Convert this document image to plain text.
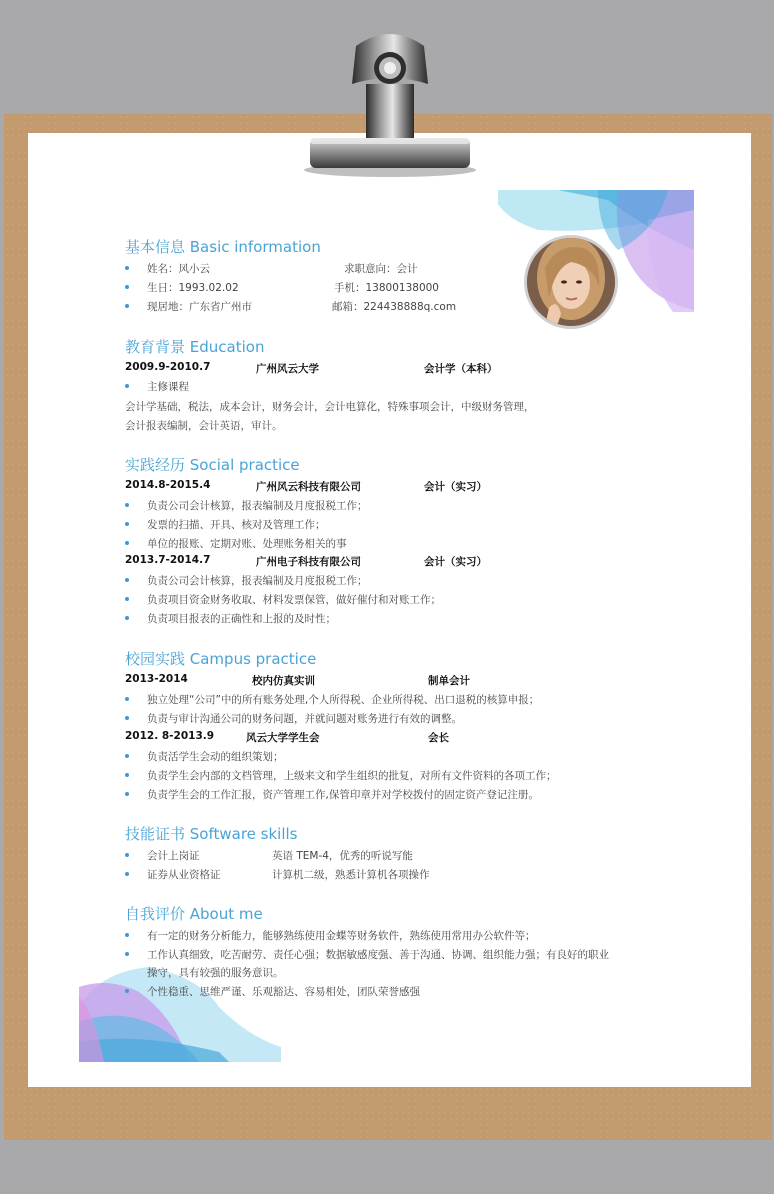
基本信息 Basic information
姓名：风小云	求职意向：会计
生日：1993.02.02	手机：13800138000
现居地：广东省广州市	邮箱：224438888q.com
教育背景 Education
2009.9-2010.7	广州风云大学	会计学（本科）
主修课程
会计学基础，税法，成本会计，财务会计，会计电算化，特殊事项会计，中级财务管理，
会计报表编制，会计英语，审计。
实践经历 Social practice
2014.8-2015.4	广州风云科技有限公司	会计（实习）
负责公司会计核算，报表编制及月度报税工作；
发票的扫描、开具、核对及管理工作；
单位的报账、定期对账、处理账务相关的事
2013.7-2014.7	广州电子科技有限公司	会计（实习）
负责公司会计核算，报表编制及月度报税工作；
负责项目资金财务收取、材料发票保管，做好催付和对账工作；
负责项目报表的正确性和上报的及时性；
校园实践 Campus practice
2013-2014	校内仿真实训	制单会计
独立处理“公司”中的所有账务处理,个人所得税、企业所得税、出口退税的核算申报；
负责与审计沟通公司的财务问题，并就问题对账务进行有效的调整。
2012. 8-2013.9	风云大学学生会	会长
负责活学生会动的组织策划；
负责学生会内部的文档管理，上级来文和学生组织的批复，对所有文件资料的各项工作；
负责学生会的工作汇报，资产管理工作,保管印章并对学校拨付的固定资产登记注册。
技能证书 Software skills
会计上岗证	英语 TEM-4，优秀的听说写能
证券从业资格证	计算机二级，熟悉计算机各项操作
自我评价 About me
有一定的财务分析能力，能够熟练使用金蝶等财务软件，熟练使用常用办公软件等；
工作认真细致，吃苦耐劳、责任心强；数据敏感度强、善于沟通、协调、组织能力强；有良好的职业
操守，具有较强的服务意识。
个性稳重、思维严谨、乐观豁达、容易相处，团队荣誉感强
